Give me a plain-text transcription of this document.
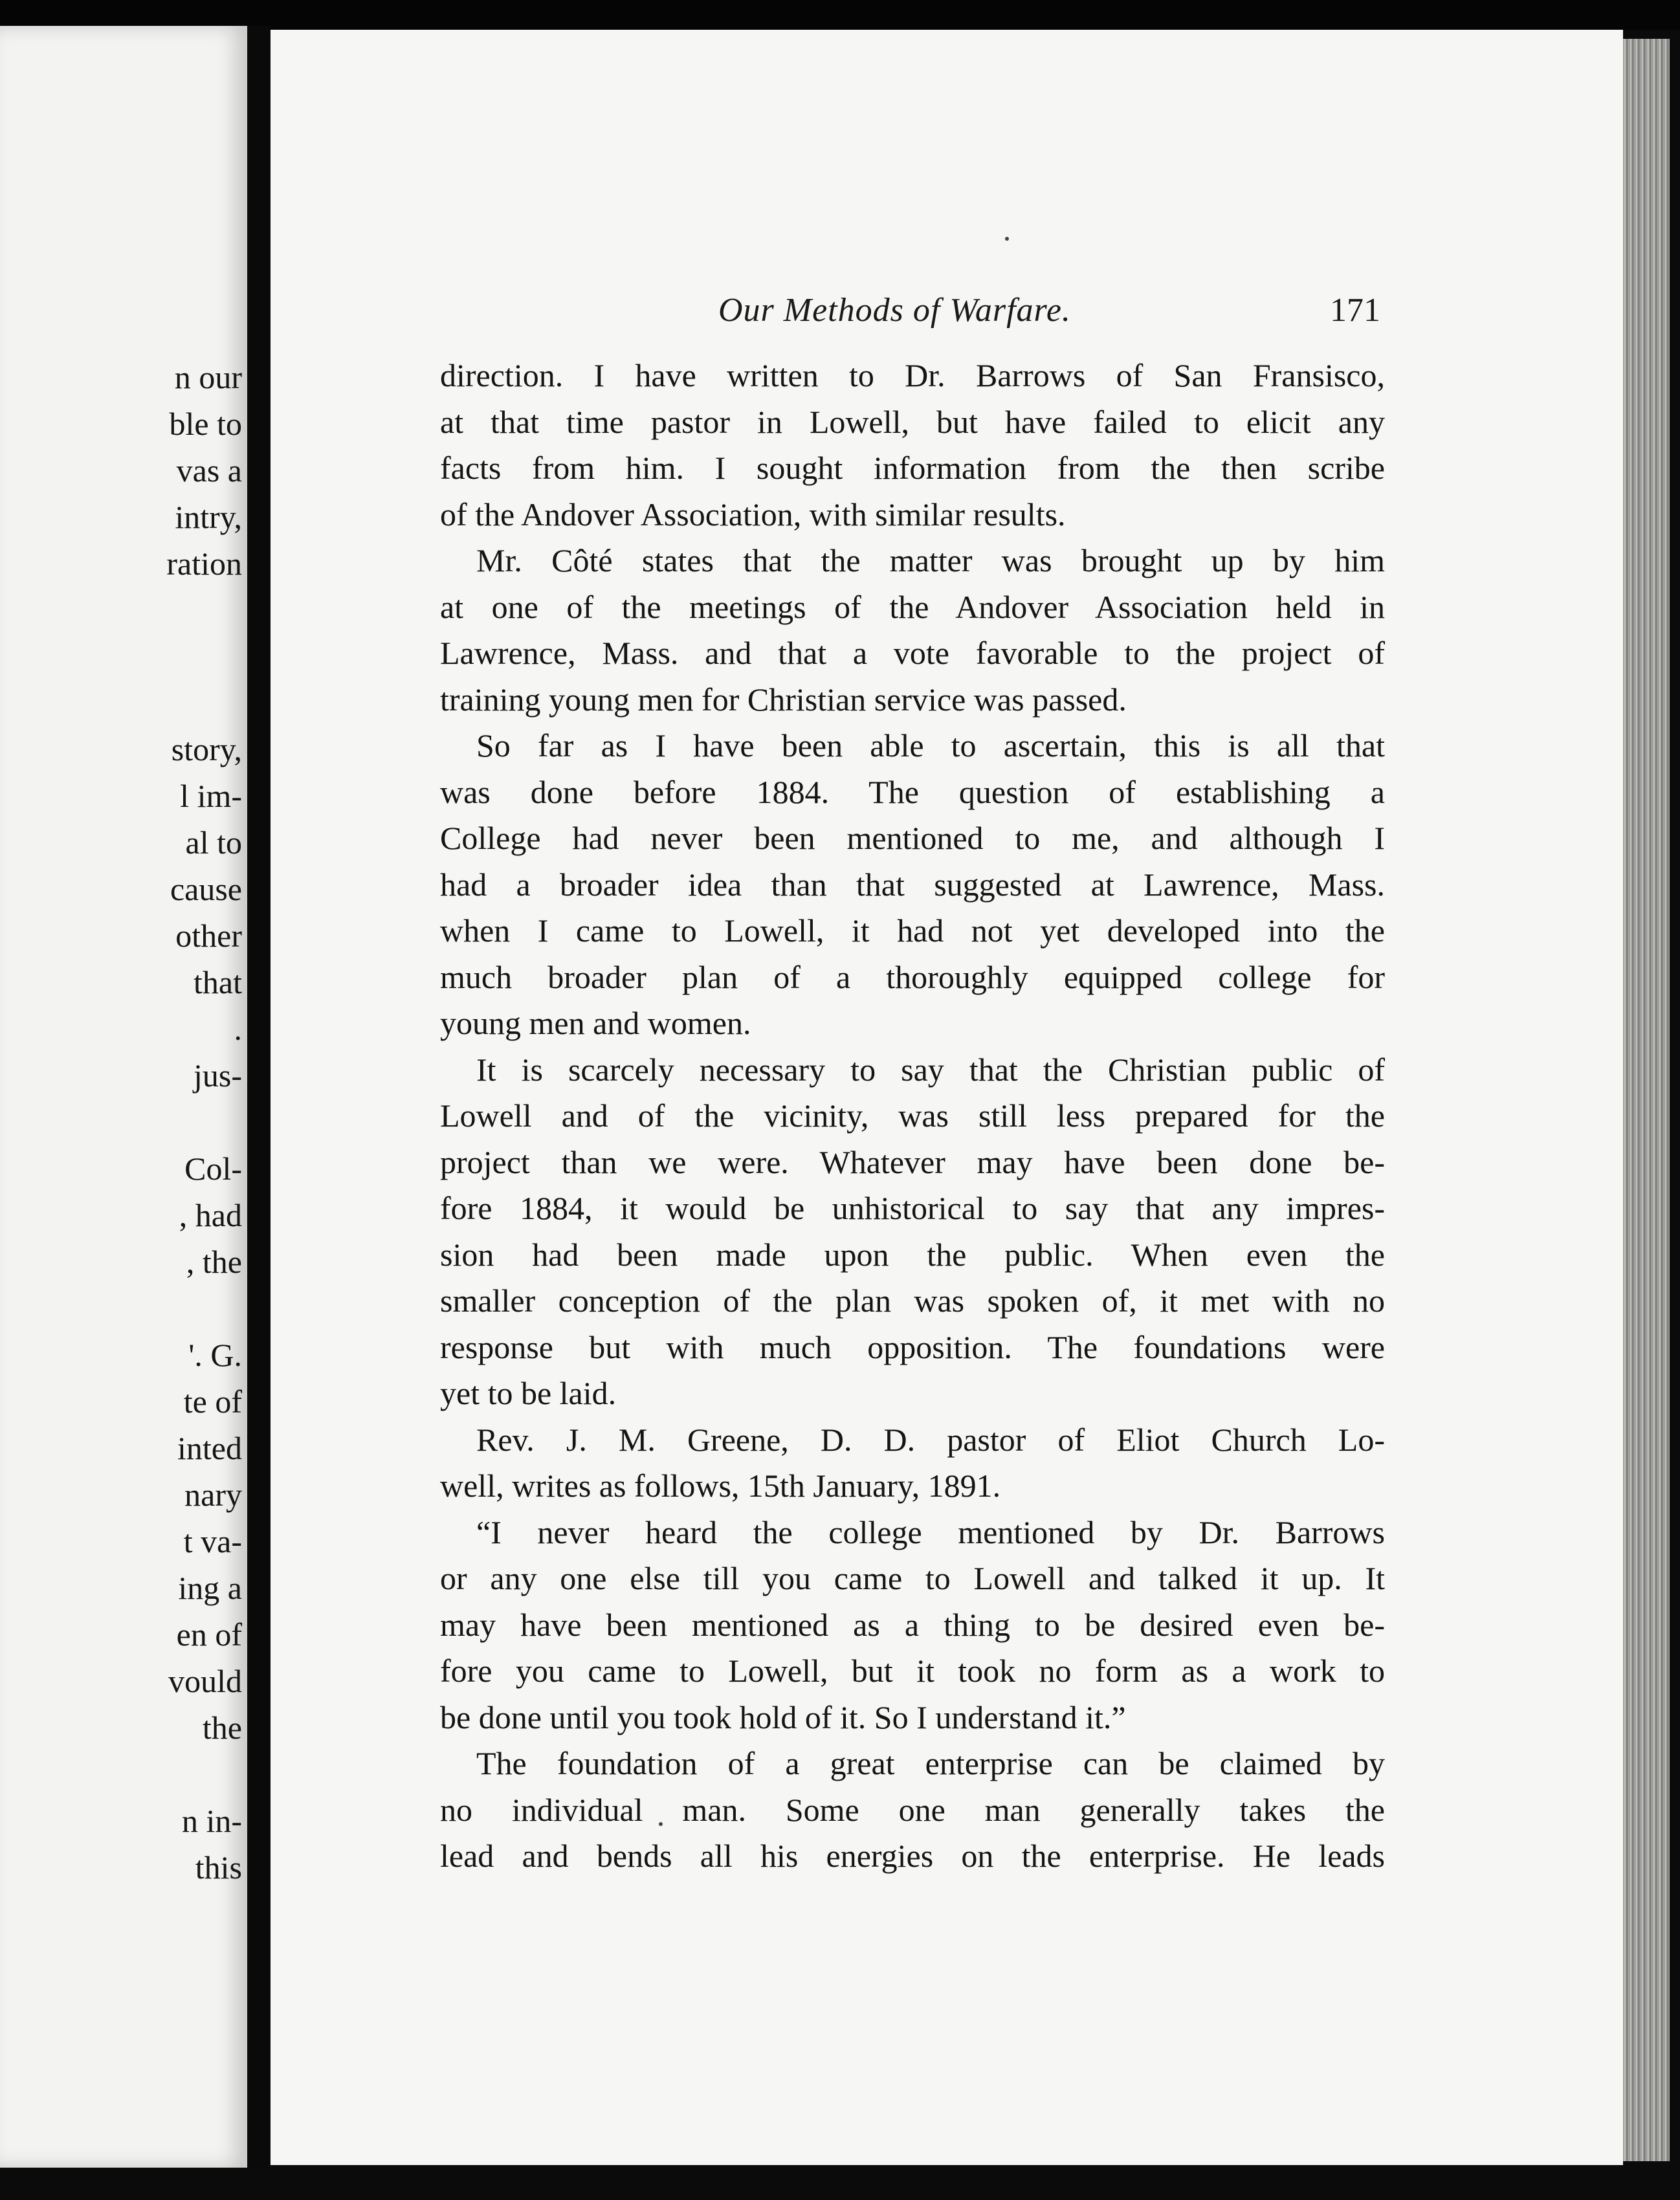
n our
ble to
vas a
intry,
ration
story,
l im-
al to
cause
other
that
.
jus-
Col-
, had
, the
'. G.
te of
inted
nary
t va-
ing a
en of
vould
the
n in-
this
Our Methods of Warfare.	171
direction. I have written to Dr. Barrows of San Fransisco,
at that time pastor in Lowell, but have failed to elicit any
facts from him. I sought information from the then scribe
of the Andover Association, with similar results.
Mr. Côté states that the matter was brought up by him
at one of the meetings of the Andover Association held in
Lawrence, Mass. and that a vote favorable to the project of
training young men for Christian service was passed.
So far as I have been able to ascertain, this is all that
was done before 1884. The question of establishing a
College had never been mentioned to me, and although I
had a broader idea than that suggested at Lawrence, Mass.
when I came to Lowell, it had not yet developed into the
much broader plan of a thoroughly equipped college for
young men and women.
It is scarcely necessary to say that the Christian public of
Lowell and of the vicinity, was still less prepared for the
project than we were. Whatever may have been done be-
fore 1884, it would be unhistorical to say that any impres-
sion had been made upon the public. When even the
smaller conception of the plan was spoken of, it met with no
response but with much opposition. The foundations were
yet to be laid.
Rev. J. M. Greene, D. D. pastor of Eliot Church Lo-
well, writes as follows, 15th January, 1891.
“I never heard the college mentioned by Dr. Barrows
or any one else till you came to Lowell and talked it up. It
may have been mentioned as a thing to be desired even be-
fore you came to Lowell, but it took no form as a work to
be done until you took hold of it. So I understand it.”
The foundation of a great enterprise can be claimed by
no individual man. Some one man generally takes the
lead and bends all his energies on the enterprise. He leads
